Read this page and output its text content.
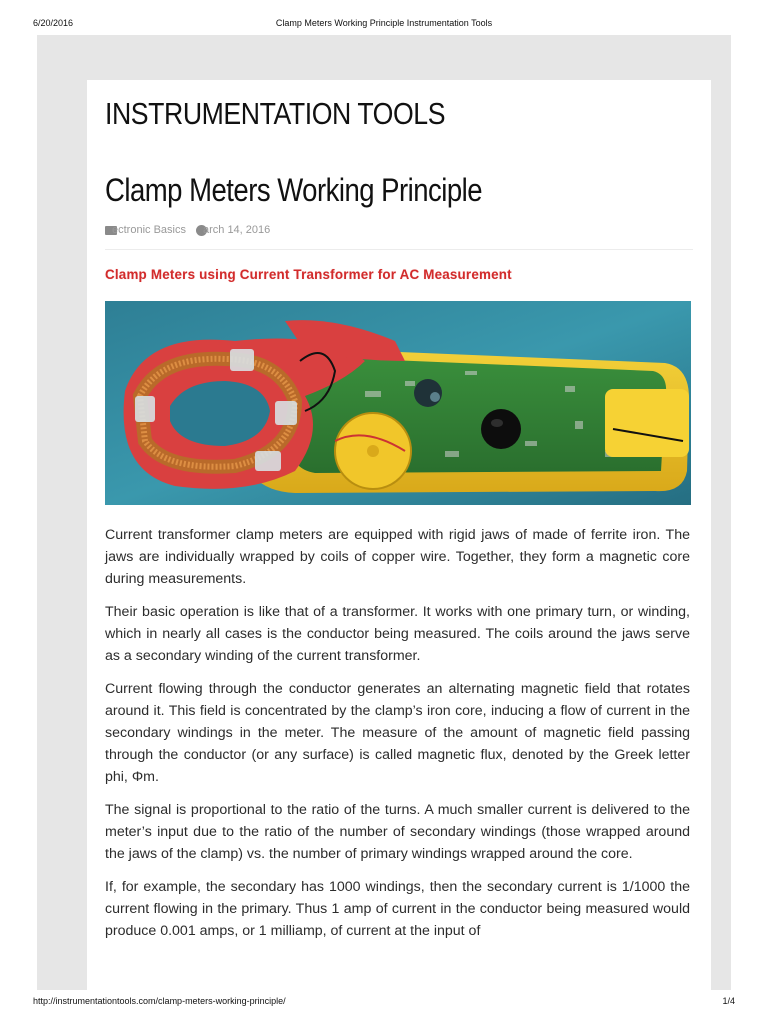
6/20/2016	Clamp Meters Working Principle Instrumentation Tools
INSTRUMENTATION TOOLS
Clamp Meters Working Principle
ectronic Basics arch 14, 2016
Clamp Meters using Current Transformer for AC Measurement

Current transformer clamp meters are equipped with rigid jaws of made of ferrite iron. The jaws are individually wrapped by coils of copper wire. Together, they form a magnetic core during measurements.

Their basic operation is like that of a transformer. It works with one primary turn, or winding, which in nearly all cases is the conductor being measured. The coils around the jaws serve as a secondary winding of the current transformer.

Current flowing through the conductor generates an alternating magnetic field that rotates around it. This field is concentrated by the clamp’s iron core, inducing a flow of current in the secondary windings in the meter. The measure of the amount of magnetic field passing through the conductor (or any surface) is called magnetic flux, denoted by the Greek letter phi, Φm.

The signal is proportional to the ratio of the turns. A much smaller current is delivered to the meter’s input due to the ratio of the number of secondary windings (those wrapped around the jaws of the clamp) vs. the number of primary windings wrapped around the core.

If, for example, the secondary has 1000 windings, then the secondary current is 1/1000 the current flowing in the primary. Thus 1 amp of current in the conductor being measured would produce 0.001 amps, or 1 milliamp, of current at the input of

http://instrumentationtools.com/clamp-meters-working-principle/	1/4
